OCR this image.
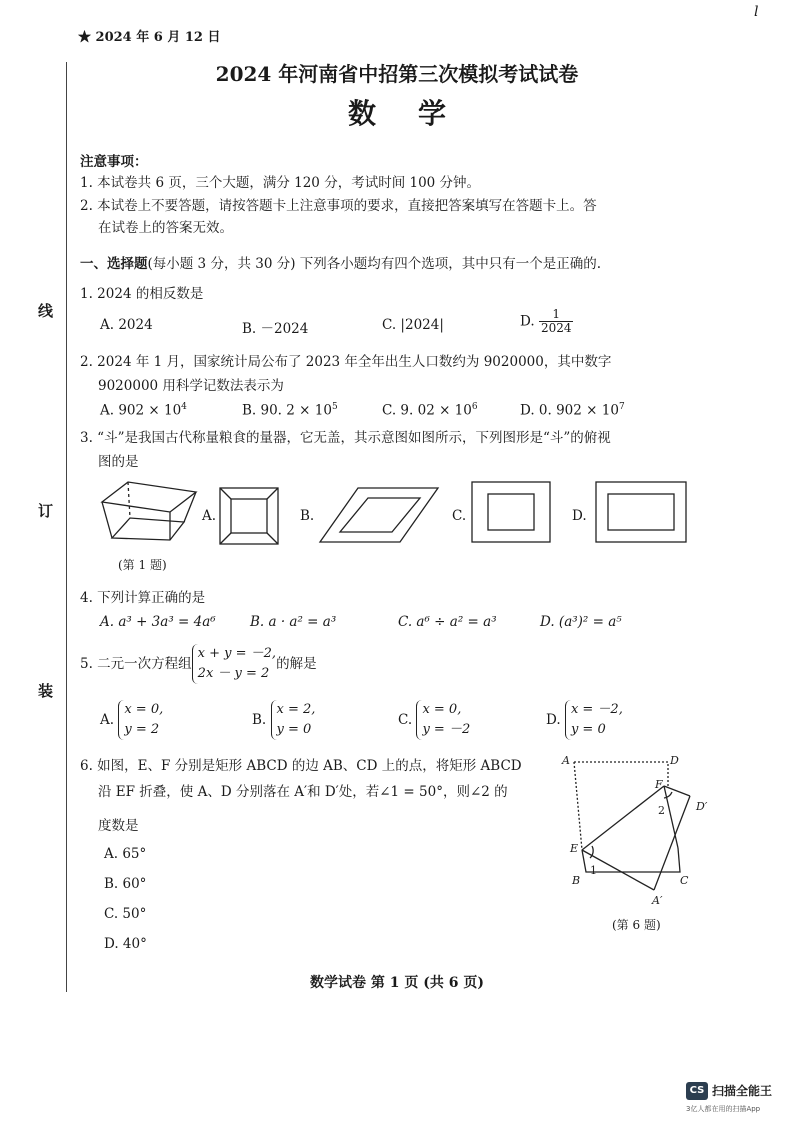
★ 2024 年 6 月 12 日
l
2024 年河南省中招第三次模拟考试试卷
数学
线
订
装
注意事项：
1. 本试卷共 6 页，三个大题，满分 120 分，考试时间 100 分钟。
2. 本试卷上不要答题，请按答题卡上注意事项的要求，直接把答案填写在答题卡上。答
在试卷上的答案无效。
一、选择题(每小题 3 分，共 30 分) 下列各小题均有四个选项，其中只有一个是正确的.
1. 2024 的相反数是
A. 2024	B. －2024	C. |2024|	D. $\frac{1}{2024}$
2. 2024 年 1 月，国家统计局公布了 2023 年全年出生人口数约为 9020000，其中数字
9020000 用科学记数法表示为
A. $902 \times 10^4$	B. 90. $2 \times 10^5$	C. 9. $02 \times 10^6$	D. 0. $902 \times 10^7$
3. “斗”是我国古代称量粮食的量器，它无盖，其示意图如图所示，下列图形是“斗”的俯视
图的是
(第 1 题)
A.	B.	C.	D.
4. 下列计算正确的是
A. a³ + 3a³ = 4a⁶	B. a · a² = a³	C. a⁶ ÷ a² = a³	D. (a³)² = a⁵
5. 二元一次方程组
x + y = －2,
2x － y = 2
的解是
A.
x = 0,
y = 2
B.
x = 2,
y = 0
C.
x = 0,
y = －2
D.
x = －2,
y = 0
6. 如图，E、F 分别是矩形 ABCD 的边 AB、CD 上的点，将矩形 ABCD
沿 EF 折叠，使 A、D 分别落在 A′和 D′处，若∠1 = 50°，则∠2 的
度数是
A. 65°
B. 60°
C. 50°
D. 40°
A	D
F
D′
2
E
1
B	C
A′
(第 6 题)
数学试卷 第 1 页 (共 6 页)
CS 扫描全能王
3亿人都在用的扫描App
